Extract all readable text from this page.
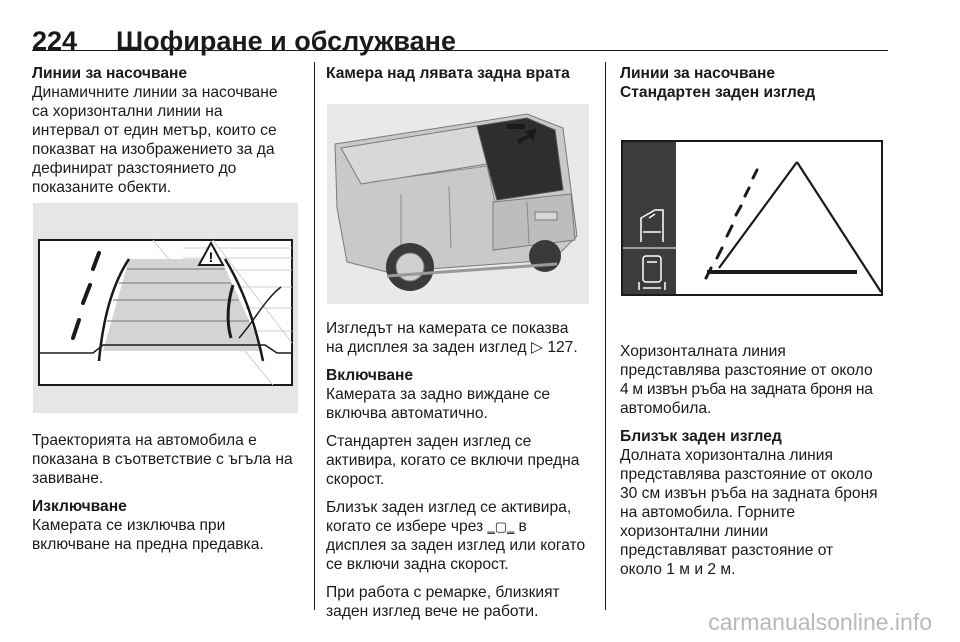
224 Шофиране и обслужване

Линии за насочване

Динамичните линии за насочване

са хоризонтални линии на

интервал от един метър, които се

показват на изображението за да

дефинират разстоянието до

показаните обекти.

!

Траекторията на автомобила е

показана в съответствие с ъгъла на

завиване.

Изключване

Камерата се изключва при

включване на предна предавка.

Камера над лявата задна врата

Изгледът на камерата се показва

на дисплея за заден изглед ▷ 127.

Включване

Камерата за задно виждане се

включва автоматично.

Стандартен заден изглед се

активира, когато се включи предна

скорост.

Близък заден изглед се активира,

когато се избере чрез ‗▢‗ в

дисплея за заден изглед или когато

се включи задна скорост.

При работа с ремарке, близкият

заден изглед вече не работи.

Линии за насочване

Стандартен заден изглед

Хоризонталната линия

представлява разстояние от около

4 м извън ръба на задната броня на

автомобила.

Близък заден изглед

Долната хоризонтална линия

представлява разстояние от около

30 см извън ръба на задната броня

на автомобила. Горните

хоризонтални линии

представляват разстояние от

около 1 м и 2 м.

carmanualsonline.info
